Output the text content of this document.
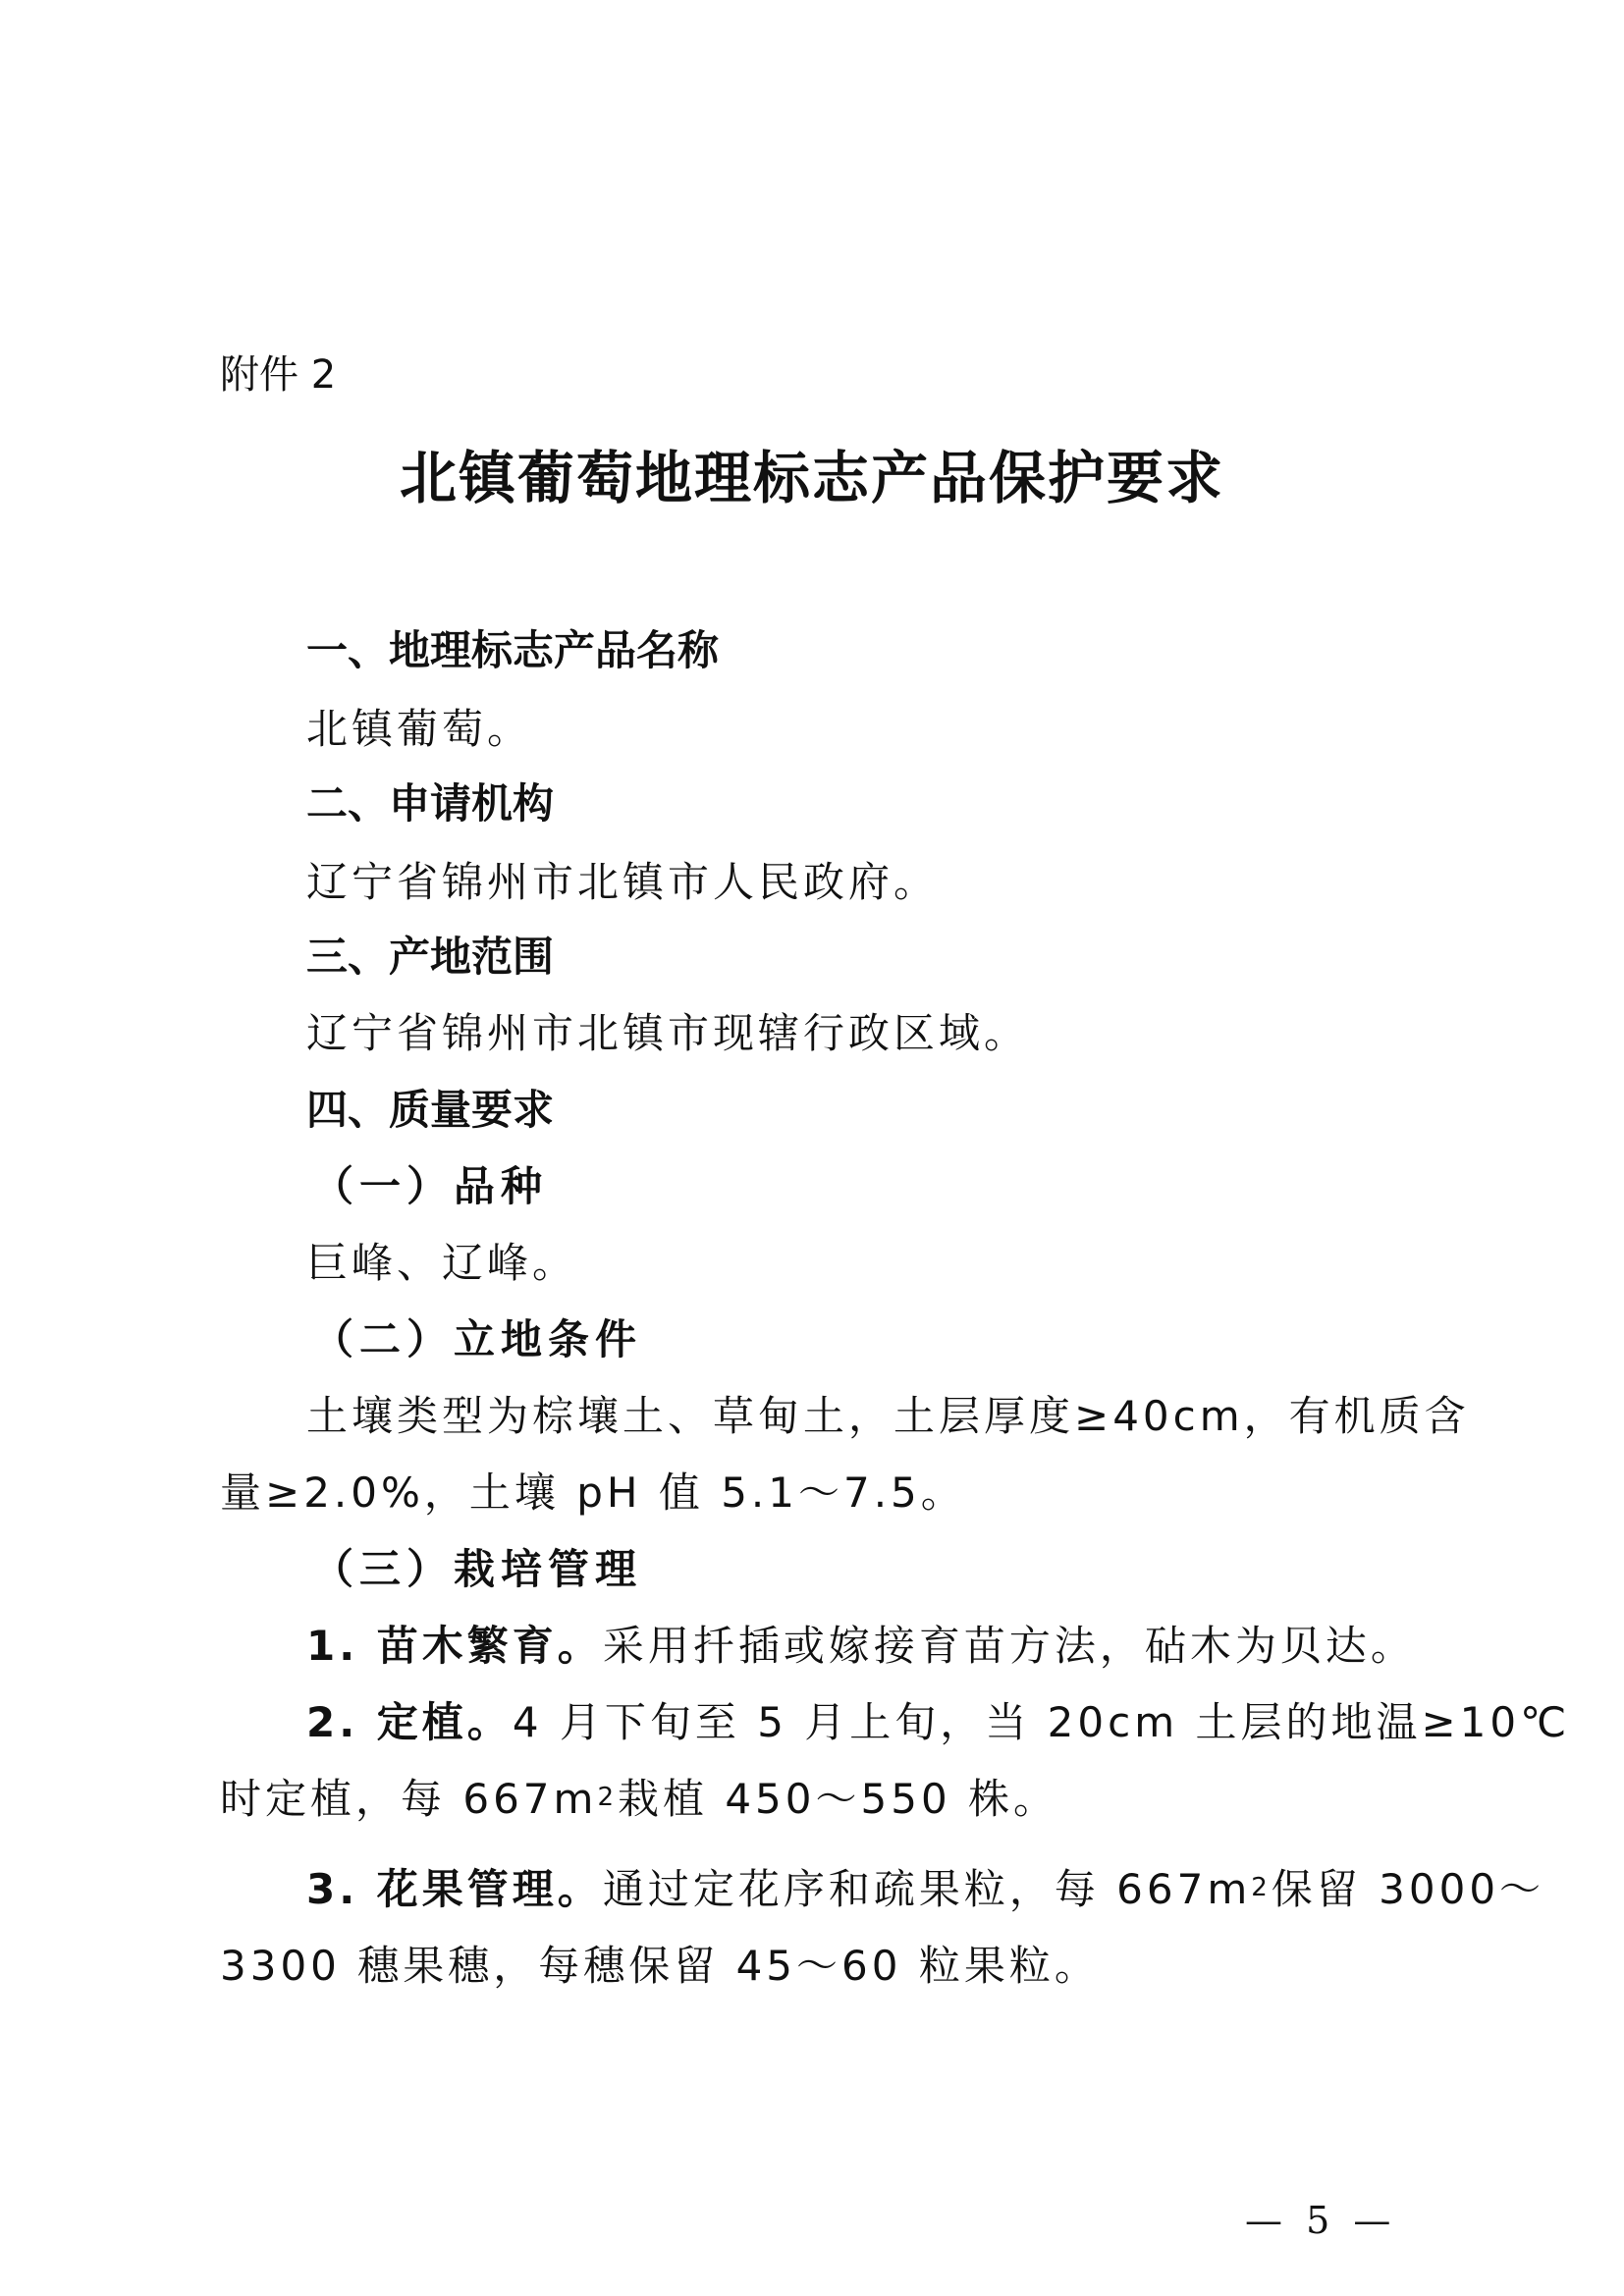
附件 2
北镇葡萄地理标志产品保护要求
一、地理标志产品名称
北镇葡萄。
二、申请机构
辽宁省锦州市北镇市人民政府。
三、产地范围
辽宁省锦州市北镇市现辖行政区域。
四、质量要求
（一）品种
巨峰、辽峰。
（二）立地条件
土壤类型为棕壤土、草甸土，土层厚度≥40cm，有机质含
量≥2.0%，土壤 pH 值 5.1～7.5。
（三）栽培管理
1. 苗木繁育。采用扦插或嫁接育苗方法，砧木为贝达。
2. 定植。4 月下旬至 5 月上旬，当 20cm 土层的地温≥10℃
时定植，每 $667m^2$栽植 450～550 株。
3. 花果管理。通过定花序和疏果粒，每 $667m^2$保留 3000～
3300 穗果穗，每穗保留 45～60 粒果粒。
— 5 —
